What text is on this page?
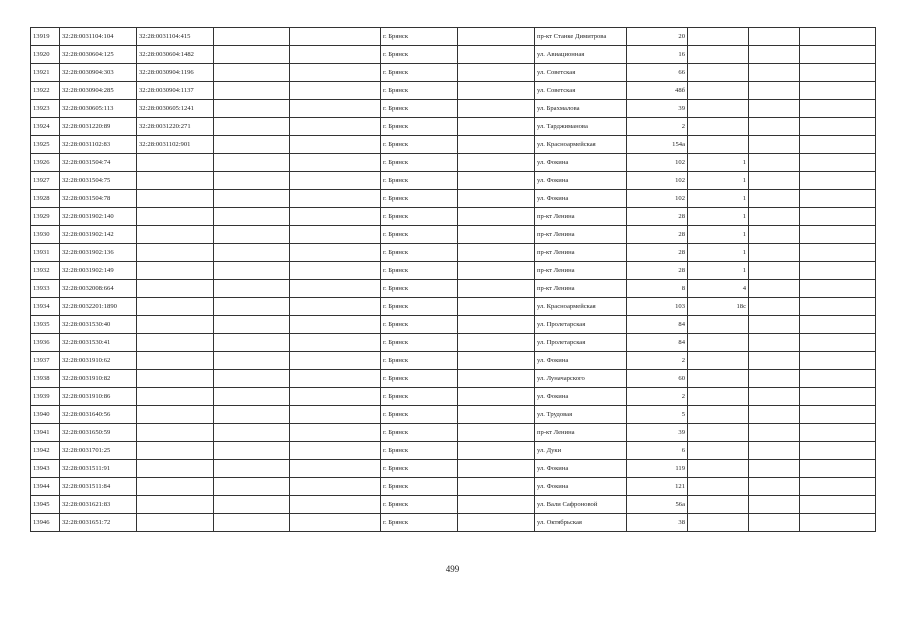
13919	32:28:0031104:104	32:28:0031104:415			г. Брянск		пр-кт Станке Димитрова	20			
13920	32:28:0030604:125	32:28:0030604:1482			г. Брянск		ул. Авиационная	16			
13921	32:28:0030904:303	32:28:0030904:1196			г. Брянск		ул. Советская	66			
13922	32:28:0030904:285	32:28:0030904:1137			г. Брянск		ул. Советская	48б			
13923	32:28:0030605:113	32:28:0030605:1241			г. Брянск		ул. Брахмалова	39			
13924	32:28:0031220:89	32:28:0031220:271			г. Брянск		ул. Тарджиманова	2			
13925	32:28:0031102:83	32:28:0031102:901			г. Брянск		ул. Красноармейская	154а			
13926	32:28:0031504:74				г. Брянск		ул. Фокина	102	1		
13927	32:28:0031504:75				г. Брянск		ул. Фокина	102	1		
13928	32:28:0031504:78				г. Брянск		ул. Фокина	102	1		
13929	32:28:0031902:140				г. Брянск		пр-кт Ленина	28	1		
13930	32:28:0031902:142				г. Брянск		пр-кт Ленина	28	1		
13931	32:28:0031902:136				г. Брянск		пр-кт Ленина	28	1		
13932	32:28:0031902:149				г. Брянск		пр-кт Ленина	28	1		
13933	32:28:0032008:664				г. Брянск		пр-кт Ленина	8	4		
13934	32:28:0032201:1890				г. Брянск		ул. Красноармейская	103	18с		
13935	32:28:0031530:40				г. Брянск		ул. Пролетарская	84			
13936	32:28:0031530:41				г. Брянск		ул. Пролетарская	84			
13937	32:28:0031910:62				г. Брянск		ул. Фокина	2			
13938	32:28:0031910:82				г. Брянск		ул. Луначарского	60			
13939	32:28:0031910:86				г. Брянск		ул. Фокина	2			
13940	32:28:0031640:56				г. Брянск		ул. Трудовая	5			
13941	32:28:0031650:59				г. Брянск		пр-кт Ленина	39			
13942	32:28:0031701:25				г. Брянск		ул. Дуки	6			
13943	32:28:0031511:91				г. Брянск		ул. Фокина	119			
13944	32:28:0031511:84				г. Брянск		ул. Фокина	121			
13945	32:28:0031621:83				г. Брянск		ул. Вали Сафроновой	56а			
13946	32:28:0031651:72				г. Брянск		ул. Октябрьская	38			
499
